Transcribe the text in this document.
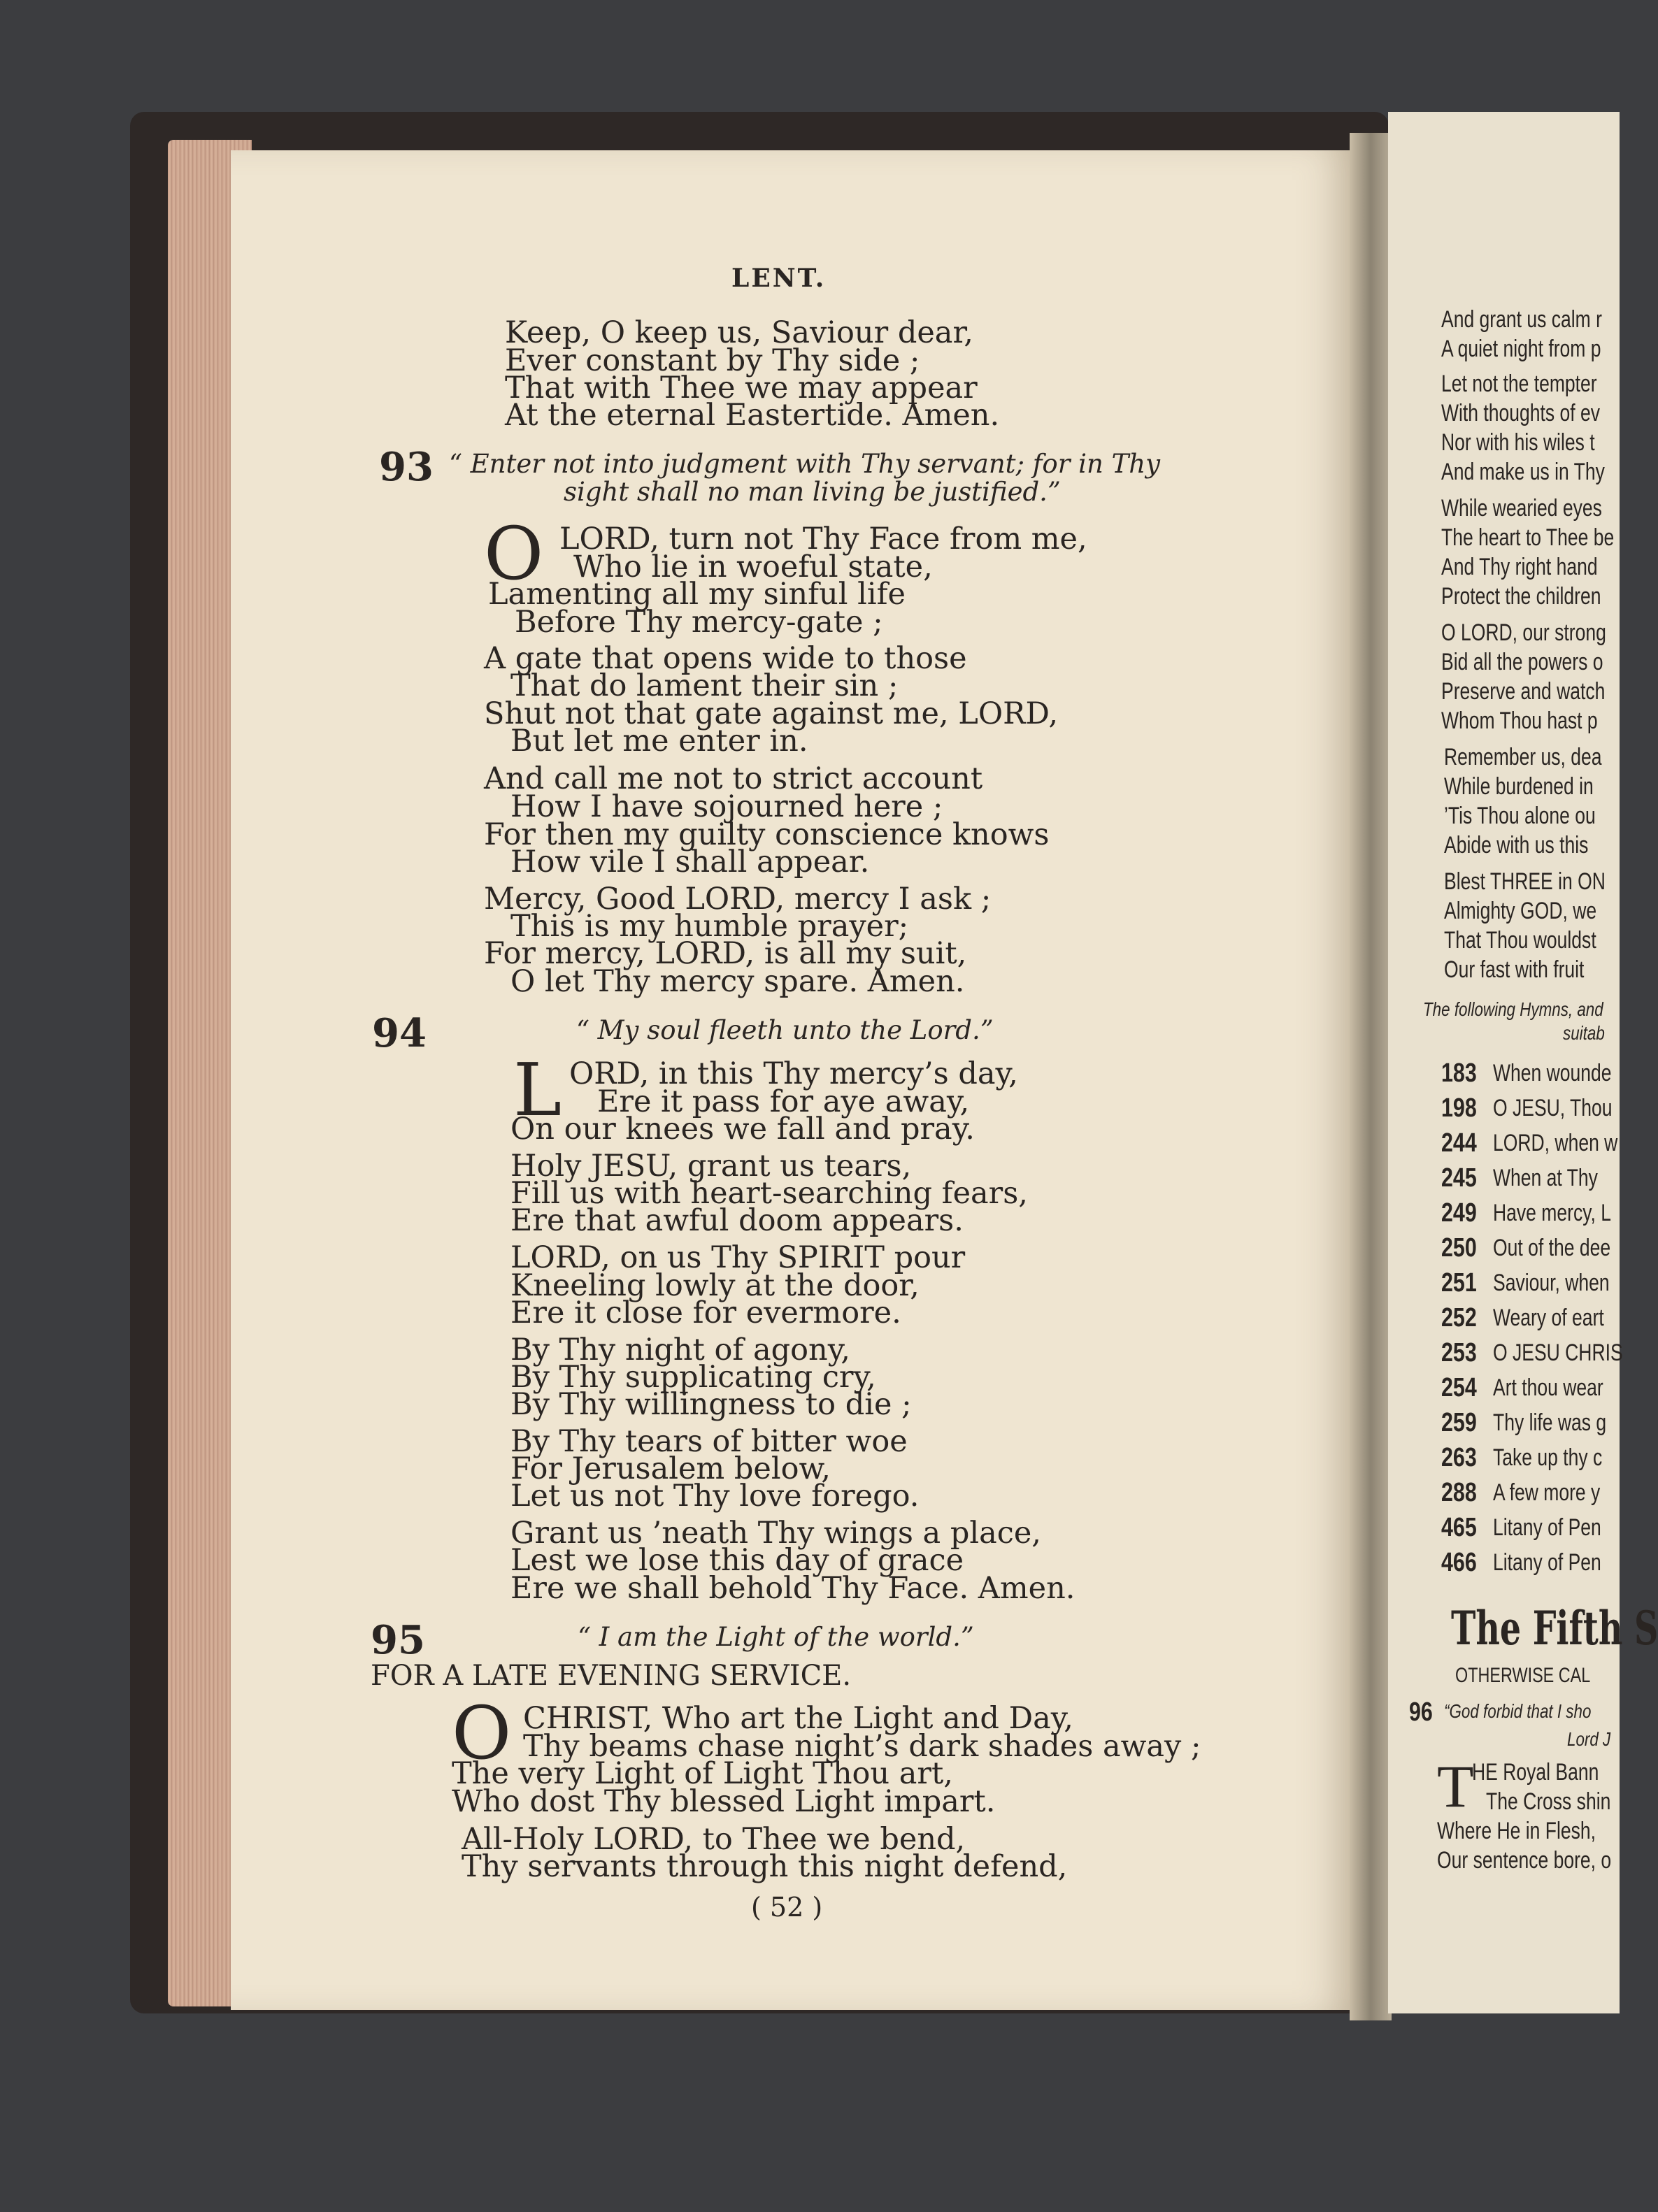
LENT.
Keep, O keep us, Saviour dear,
Ever constant by Thy side ;
That with Thee we may appear
At the eternal Eastertide. Amen.
93 “ Enter not into judgment with Thy servant; for in Thy
sight shall no man living be justified.”
O LORD, turn not Thy Face from me,
Who lie in woeful state,
Lamenting all my sinful life
Before Thy mercy-gate ;
A gate that opens wide to those
That do lament their sin ;
Shut not that gate against me, LORD,
But let me enter in.
And call me not to strict account
How I have sojourned here ;
For then my guilty conscience knows
How vile I shall appear.
Mercy, Good LORD, mercy I ask ;
This is my humble prayer;
For mercy, LORD, is all my suit,
O let Thy mercy spare. Amen.
94	“ My soul fleeth unto the Lord.”
L ORD, in this Thy mercy’s day,
Ere it pass for aye away,
On our knees we fall and pray.
Holy JESU, grant us tears,
Fill us with heart-searching fears,
Ere that awful doom appears.
LORD, on us Thy SPIRIT pour
Kneeling lowly at the door,
Ere it close for evermore.
By Thy night of agony,
By Thy supplicating cry,
By Thy willingness to die ;
By Thy tears of bitter woe
For Jerusalem below,
Let us not Thy love forego.
Grant us ’neath Thy wings a place,
Lest we lose this day of grace
Ere we shall behold Thy Face. Amen.
95	“ I am the Light of the world.”
FOR A LATE EVENING SERVICE.
O CHRIST, Who art the Light and Day,
Thy beams chase night’s dark shades away ;
The very Light of Light Thou art,
Who dost Thy blessed Light impart.
All-Holy LORD, to Thee we bend,
Thy servants through this night defend,
( 52 )
And grant us calm r
A quiet night from p
Let not the tempter
With thoughts of ev
Nor with his wiles t
And make us in Thy
While wearied eyes
The heart to Thee be
And Thy right hand
Protect the children
O LORD, our strong
Bid all the powers o
Preserve and watch
Whom Thou hast p
Remember us, dea
While burdened in
’Tis Thou alone ou
Abide with us this
Blest THREE in ON
Almighty GOD, we
That Thou wouldst
Our fast with fruit
The following Hymns, and
suitab
183 When wounde
198 O JESU, Thou
244 LORD, when w
245 When at Thy
249 Have mercy, L
250 Out of the dee
251 Saviour, when
252 Weary of eart
253 O JESU CHRIS
254 Art thou wear
259 Thy life was g
263 Take up thy c
288 A few more y
465 Litany of Pen
466 Litany of Pen
The Fifth S
OTHERWISE CAL
96 “God forbid that I sho
Lord J
T
HE Royal Bann
The Cross shin
Where He in Flesh,
Our sentence bore, o
